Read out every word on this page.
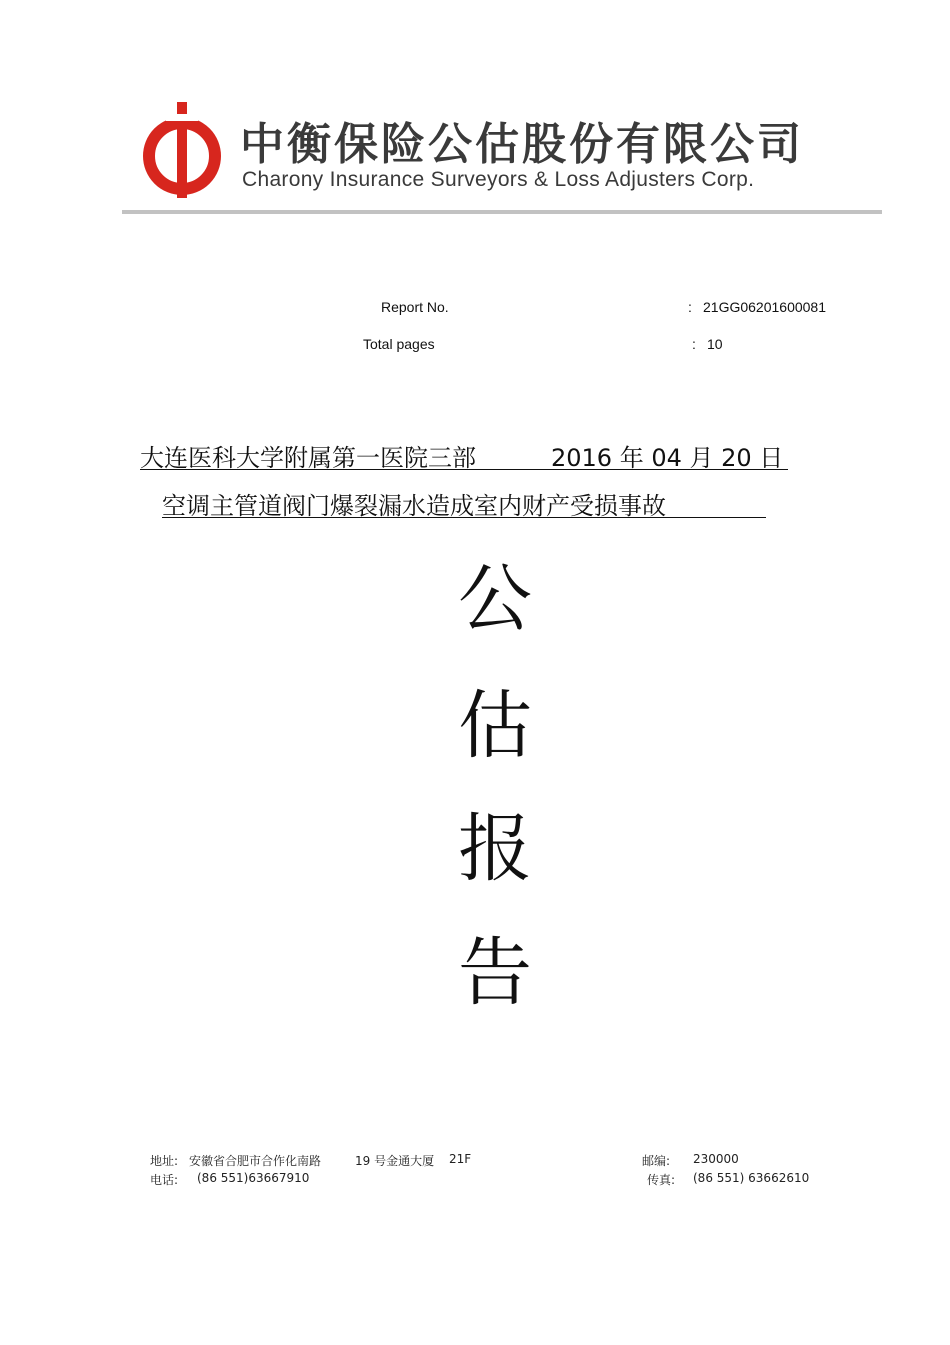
中衡保险公估股份有限公司
Charony Insurance Surveyors & Loss Adjusters Corp.
Report No.	: 21GG06201600081
Total pages	: 10
大连医科大学附属第一医院三部	2016 年 04 月 20 日
空调主管道阀门爆裂漏水造成室内财产受损事故
公
估
报
告
地址: 安徽省合肥市合作化南路	19 号金通大厦 21F	邮编: 230000
电话: (86 551)63667910	传真: (86 551) 63662610
